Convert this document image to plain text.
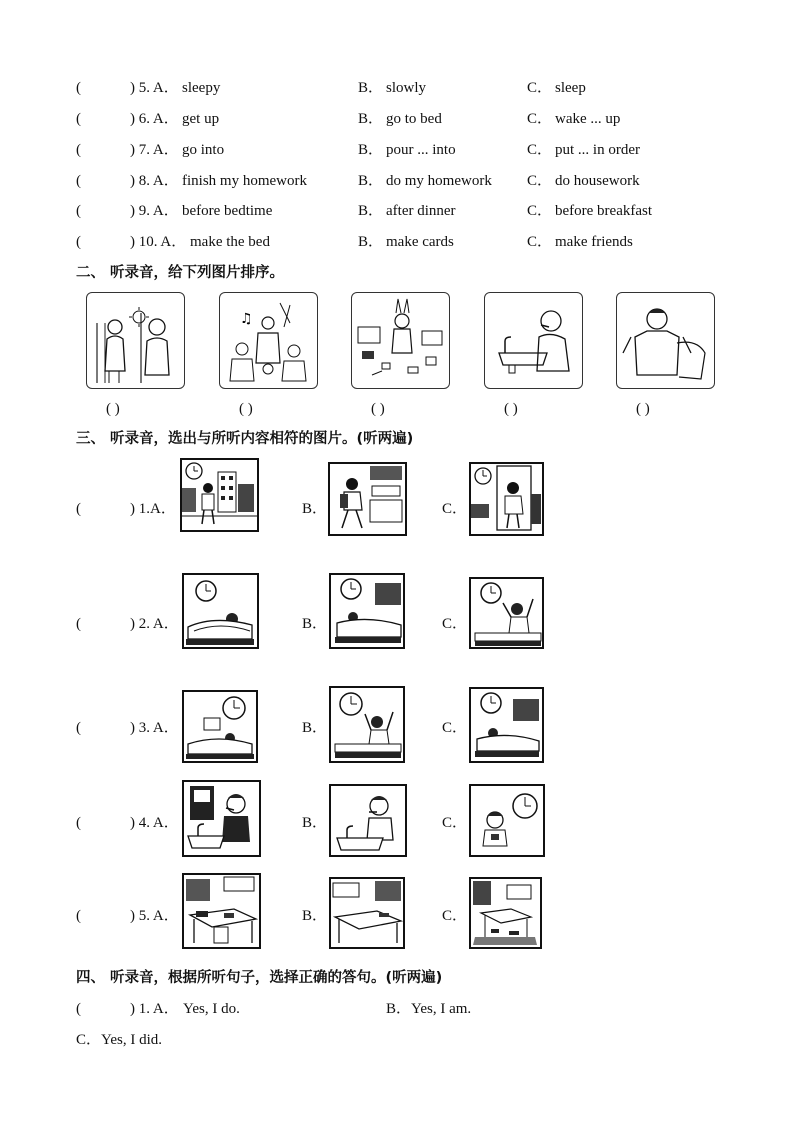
(	) 5. A． sleepy	B． slowly	C． sleep
(	) 6. A． get up	B． go to bed	C． wake ... up
(	) 7. A． go into	B． pour ... into	C． put ... in order
(	) 8. A． finish my homework	B． do my homework C． do housework
(	) 9. A． before bedtime	B． after dinner	C． before breakfast
(	) 10. A． make the bed	B． make cards	C． make friends
二、 听录音，给下列图片排序。
♫
( )	( )	( )	( )	( )
三、 听录音，选出与所听内容相符的图片。(听两遍)
(	) 1.A．	B．	C．
(	) 2. A．	B．	C．
(	) 3. A．	B．	C．
(	) 4. A．	B．	C．
(	) 5. A．	B．	C．
四、 听录音，根据所听句子，选择正确的答句。(听两遍)
(	) 1. A． Yes, I do.	B．Yes, I am.
C．Yes, I did.
